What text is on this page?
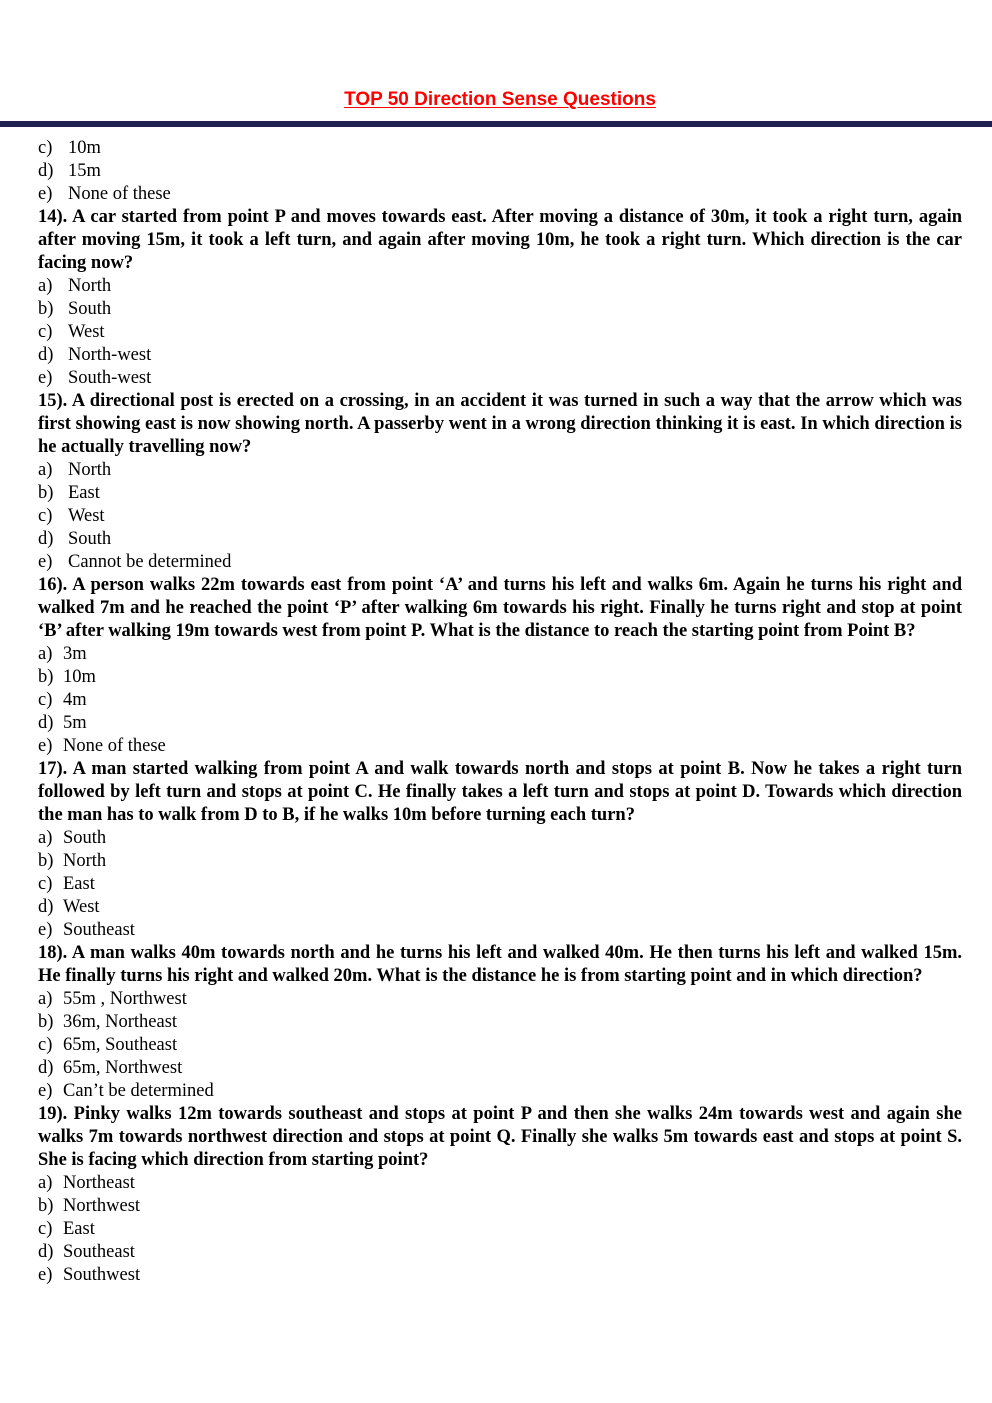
TOP 50 Direction Sense Questions
c) 10m
d) 15m
e) None of these
14). A car started from point P and moves towards east. After moving a distance of 30m, it took a right turn, again after moving 15m, it took a left turn, and again after moving 10m, he took a right turn. Which direction is the car facing now?
a) North
b) South
c) West
d) North-west
e) South-west
15). A directional post is erected on a crossing, in an accident it was turned in such a way that the arrow which was first showing east is now showing north. A passerby went in a wrong direction thinking it is east. In which direction is he actually travelling now?
a) North
b) East
c) West
d) South
e) Cannot be determined
16). A person walks 22m towards east from point ‘A’ and turns his left and walks 6m. Again he turns his right and walked 7m and he reached the point ‘P’ after walking 6m towards his right. Finally he turns right and stop at point ‘B’ after walking 19m towards west from point P. What is the distance to reach the starting point from Point B?
a) 3m
b) 10m
c) 4m
d) 5m
e) None of these
17). A man started walking from point A and walk towards north and stops at point B. Now he takes a right turn followed by left turn and stops at point C. He finally takes a left turn and stops at point D. Towards which direction the man has to walk from D to B, if he walks 10m before turning each turn?
a) South
b) North
c) East
d) West
e) Southeast
18). A man walks 40m towards north and he turns his left and walked 40m. He then turns his left and walked 15m. He finally turns his right and walked 20m. What is the distance he is from starting point and in which direction?
a) 55m , Northwest
b) 36m, Northeast
c) 65m, Southeast
d) 65m, Northwest
e) Can’t be determined
19). Pinky walks 12m towards southeast and stops at point P and then she walks 24m towards west and again she walks 7m towards northwest direction and stops at point Q. Finally she walks 5m towards east and stops at point S. She is facing which direction from starting point?
a) Northeast
b) Northwest
c) East
d) Southeast
e) Southwest
